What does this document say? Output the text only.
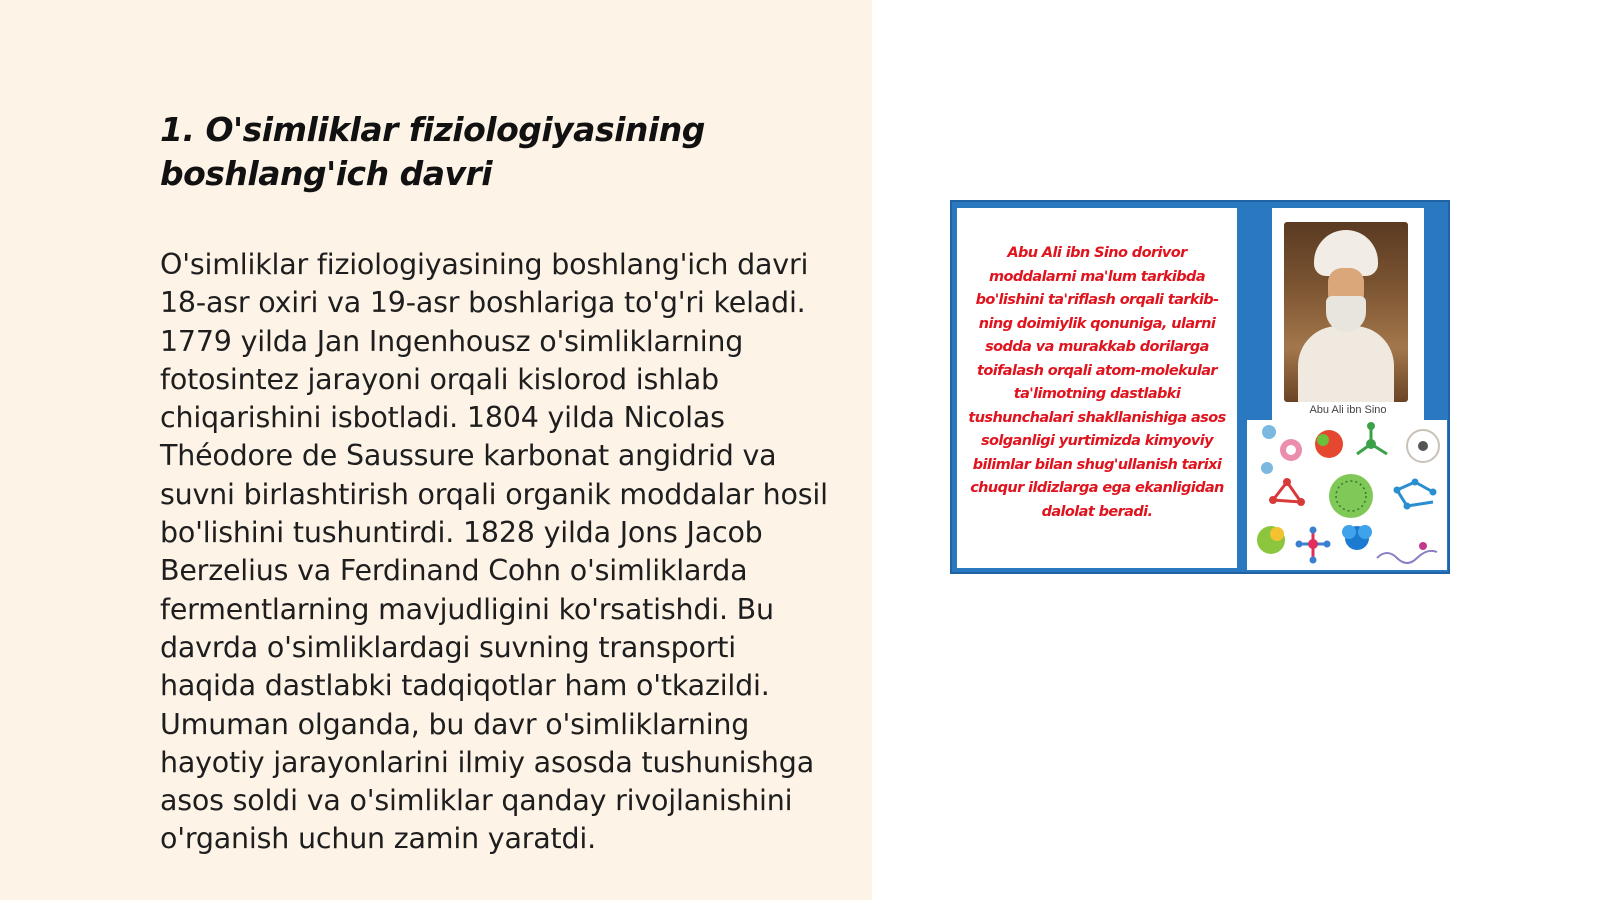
1. O'simliklar fiziologiyasining boshlang'ich davri

O'simliklar fiziologiyasining boshlang'ich davri 18-asr oxiri va 19-asr boshlariga to'g'ri keladi. 1779 yilda Jan Ingenhousz o'simliklarning fotosintez jarayoni orqali kislorod ishlab chiqarishini isbotladi. 1804 yilda Nicolas Théodore de Saussure karbonat angidrid va suvni birlashtirish orqali organik moddalar hosil bo'lishini tushuntirdi. 1828 yilda Jons Jacob Berzelius va Ferdinand Cohn o'simliklarda fermentlarning mavjudligini ko'rsatishdi. Bu davrda o'simliklardagi suvning transporti haqida dastlabki tadqiqotlar ham o'tkazildi. Umuman olganda, bu davr o'simliklarning hayotiy jarayonlarini ilmiy asosda tushunishga asos soldi va o'simliklar qanday rivojlanishini o'rganish uchun zamin yaratdi.

Abu Ali ibn Sino dorivor moddalarni ma'lum tarkibda bo'lishini ta'riflash orqali tarkib-ning doimiylik qonuniga, ularni sodda va murakkab dorilarga toifalash orqali atom-molekular ta'limotning dastlabki tushunchalari shakllanishiga asos solganligi yurtimizda kimyoviy bilimlar bilan shug'ullanish tarixi chuqur ildizlarga ega ekanligidan dalolat beradi.

Abu Ali ibn Sino
